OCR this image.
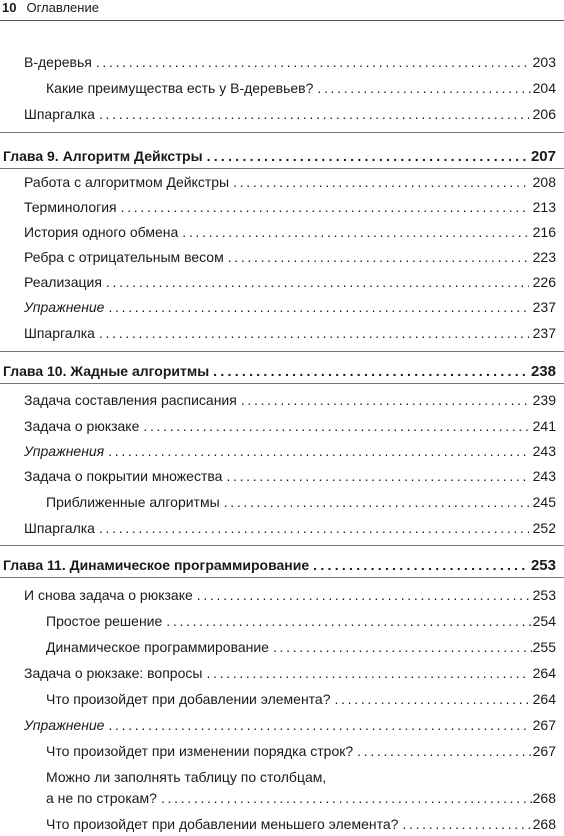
10 Оглавление
B-деревья . . .	203
Какие преимущества есть у B-деревьев? . . .	204
Шпаргалка . . .	206
Глава 9. Алгоритм Дейкстры . . .	207
Работа с алгоритмом Дейкстры . . .	208
Терминология . . .	213
История одного обмена . . .	216
Ребра с отрицательным весом . . .	223
Реализация . . .	226
Упражнение . . .	237
Шпаргалка . . .	237
Глава 10. Жадные алгоритмы . . .	238
Задача составления расписания . . .	239
Задача о рюкзаке . . .	241
Упражнения . . .	243
Задача о покрытии множества . . .	243
Приближенные алгоритмы . . .	245
Шпаргалка . . .	252
Глава 11. Динамическое программирование . . .	253
И снова задача о рюкзаке . . .	253
Простое решение . . .	254
Динамическое программирование . . .	255
Задача о рюкзаке: вопросы . . .	264
Что произойдет при добавлении элемента? . . .	264
Упражнение . . .	267
Что произойдет при изменении порядка строк? . . .	267
Можно ли заполнять таблицу по столбцам,
а не по строкам? . . .	268
Что произойдет при добавлении меньшего элемента? . . .	268
